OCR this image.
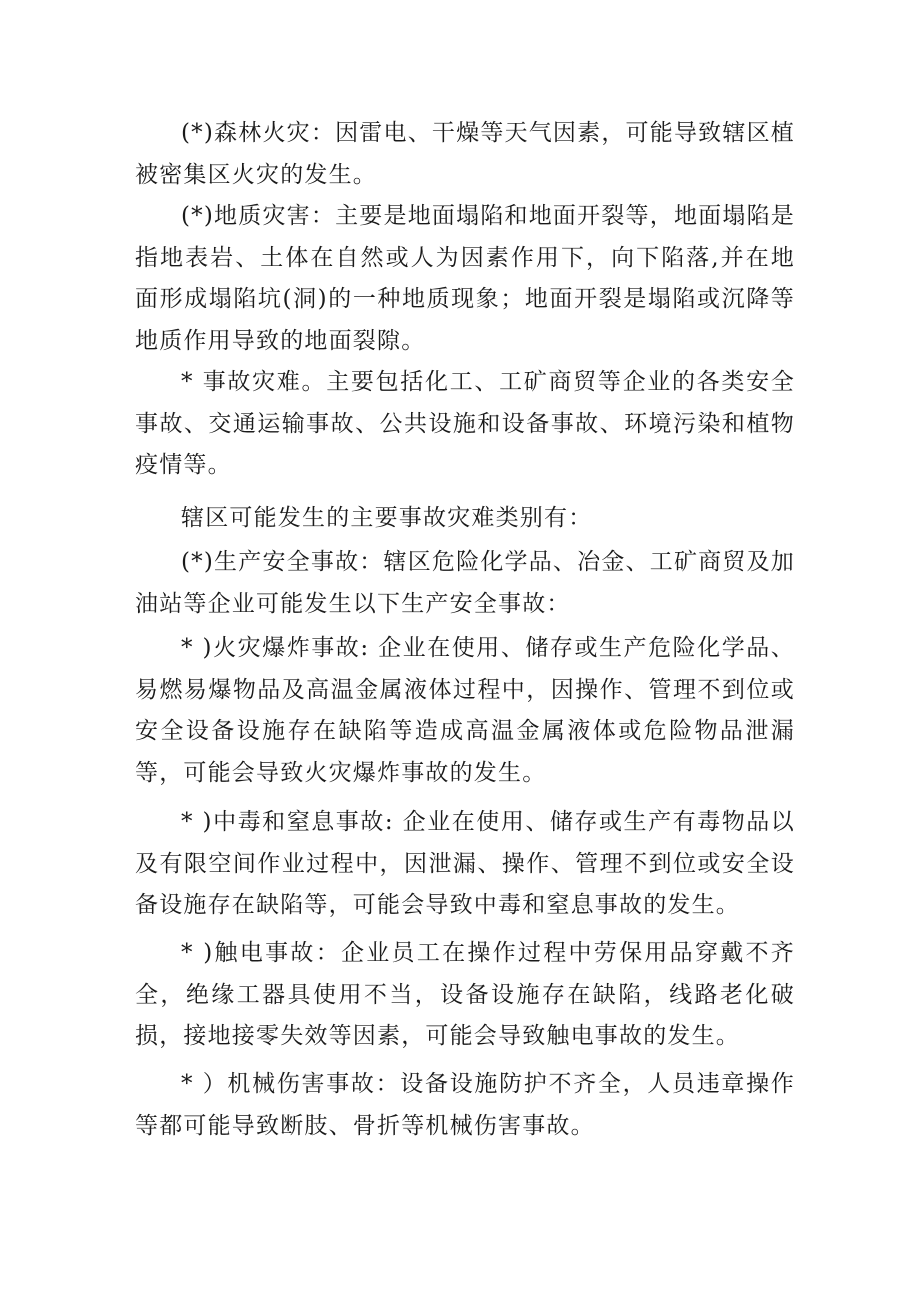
(*)森林火灾：因雷电、干燥等天气因素，可能导致辖区植被密集区火灾的发生。

(*)地质灾害：主要是地面塌陷和地面开裂等，地面塌陷是指地表岩、土体在自然或人为因素作用下，向下陷落,并在地面形成塌陷坑(洞)的一种地质现象；地面开裂是塌陷或沉降等地质作用导致的地面裂隙。

* 事故灾难。主要包括化工、工矿商贸等企业的各类安全事故、交通运输事故、公共设施和设备事故、环境污染和植物疫情等。

辖区可能发生的主要事故灾难类别有：

(*)生产安全事故：辖区危险化学品、冶金、工矿商贸及加油站等企业可能发生以下生产安全事故：

* )火灾爆炸事故: 企业在使用、储存或生产危险化学品、易燃易爆物品及高温金属液体过程中，因操作、管理不到位或安全设备设施存在缺陷等造成高温金属液体或危险物品泄漏等，可能会导致火灾爆炸事故的发生。

* )中毒和窒息事故: 企业在使用、储存或生产有毒物品以及有限空间作业过程中，因泄漏、操作、管理不到位或安全设备设施存在缺陷等，可能会导致中毒和窒息事故的发生。

* )触电事故：企业员工在操作过程中劳保用品穿戴不齐全，绝缘工器具使用不当，设备设施存在缺陷，线路老化破损，接地接零失效等因素，可能会导致触电事故的发生。

* ）机械伤害事故：设备设施防护不齐全，人员违章操作等都可能导致断肢、骨折等机械伤害事故。
